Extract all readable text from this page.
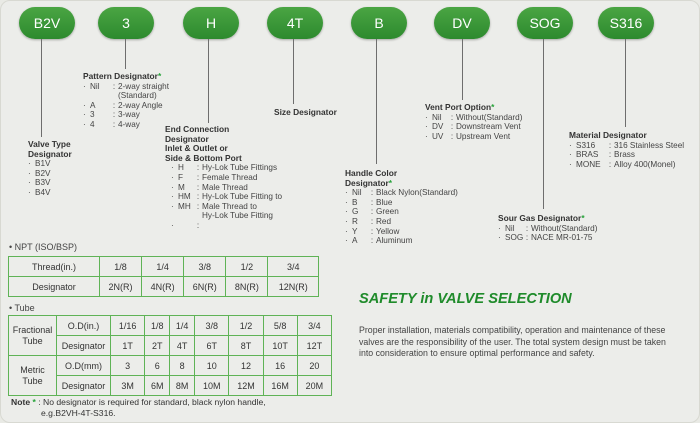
B2V	3	H	4T	B	DV	SOG	S316
Valve Type
Designator
· B1V
· B2V
· B3V
· B4V
Pattern Designator*
· Nil	: 2-way straight
(Standard)
· A	: 2-way Angle
· 3	: 3-way
· 4	: 4-way	End Connection
Designator
Inlet & Outlet or
Side & Bottom Port
· H	: Hy-Lok Tube Fittings
· F	: Female Thread
· M	: Male Thread
· HM : Hy-Lok Tube Fitting to
· MH : Male Thread to
Hy-Lok Tube Fitting
·	:
Size Designator
Handle Color
Designator*
· Nil	: Black Nylon(Standard)
· B	: Blue
· G	: Green
· R	: Red
· Y	: Yellow
· A	: Aluminum
Vent Port Option*
· Nil	: Without(Standard)
· DV : Downstream Vent
· UV : Upstream Vent	Material Designator
· S316	: 316 Stainless Steel
· BRAS	: Brass
· MONE	: Alloy 400(Monel)
Sour Gas Designator*
· Nil	: Without(Standard)
· SOG : NACE MR-01-75
• NPT (ISO/BSP)
Thread(in.)	1/8	1/4	3/8	1/2	3/4
Designator	2N(R)	4N(R)	6N(R)	8N(R)	12N(R)
• Tube
Fractional
Tube	O.D(in.)	1/16	1/8	1/4	3/8	1/2	5/8	3/4
	Designator	1T	2T	4T	6T	8T	10T	12T
Metric
Tube	O.D(mm)	3	6	8	10	12	16	20
	Designator	3M	6M	8M	10M	12M	16M	20M
SAFETY in VALVE SELECTION
Proper installation, materials compatibility, operation and maintenance of these valves are the responsibility of the user. The total system design must be taken into consideration to ensure optimal performance and safety.
Note * : No designator is required for standard, black nylon handle,
e.g.B2VH-4T-S316.
